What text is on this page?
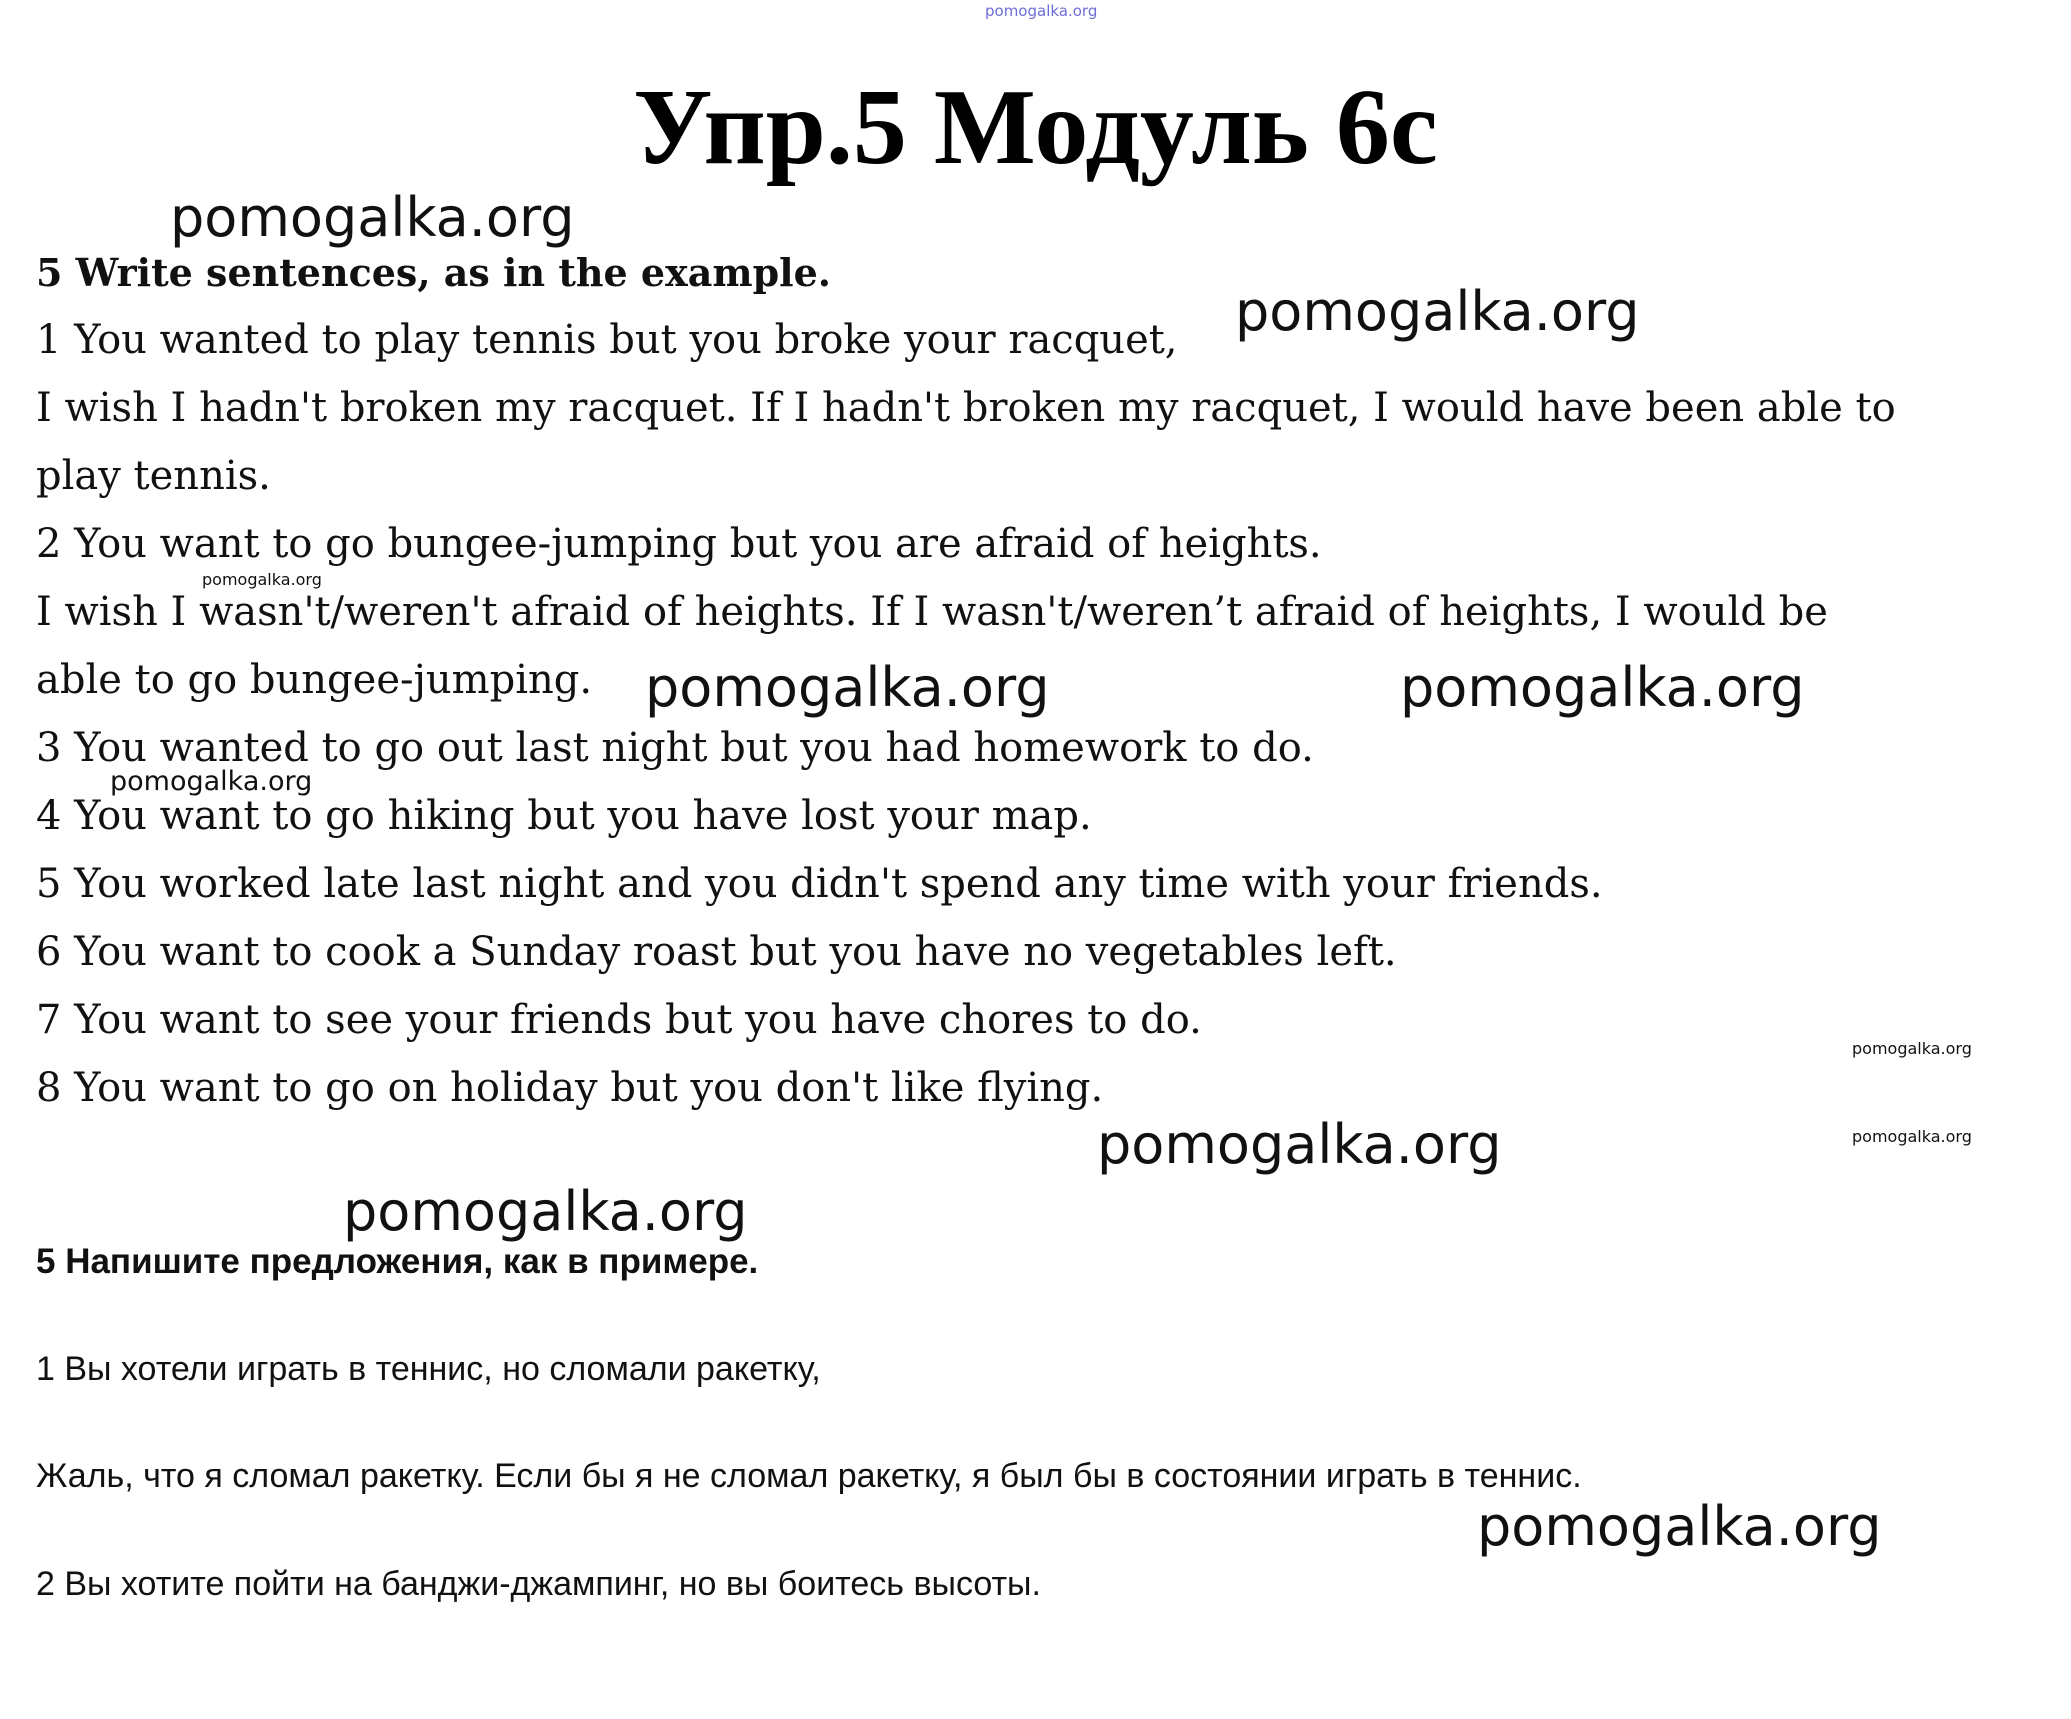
pomogalka.org
Упр.5 Модуль 6с
pomogalka.org
5 Write sentences, as in the example.
1 You wanted to play tennis but you broke your racquet, pomogalka.org
I wish I hadn't broken my racquet. If I hadn't broken my racquet, I would have been able to
play tennis.
2 You want to go bungee-jumping but you are afraid of heights.
pomogalka.org
I wish I wasn't/weren't afraid of heights. If I wasn't/weren’t afraid of heights, I would be
able to go bungee-jumping. pomogalka.org	pomogalka.org
3 You wanted to go out last night but you had homework to do.
pomogalka.org
4 You want to go hiking but you have lost your map.
5 You worked late last night and you didn't spend any time with your friends.
6 You want to cook a Sunday roast but you have no vegetables left.
7 You want to see your friends but you have chores to do.
pomogalka.org
8 You want to go on holiday but you don't like flying.
pomogalka.org
pomogalka.org
pomogalka.org
5 Напишите предложения, как в примере.
1 Вы хотели играть в теннис, но сломали ракетку,
Жаль, что я сломал ракетку. Если бы я не сломал ракетку, я был бы в состоянии играть в теннис.
pomogalka.org
2 Вы хотите пойти на банджи-джампинг, но вы боитесь высоты.
